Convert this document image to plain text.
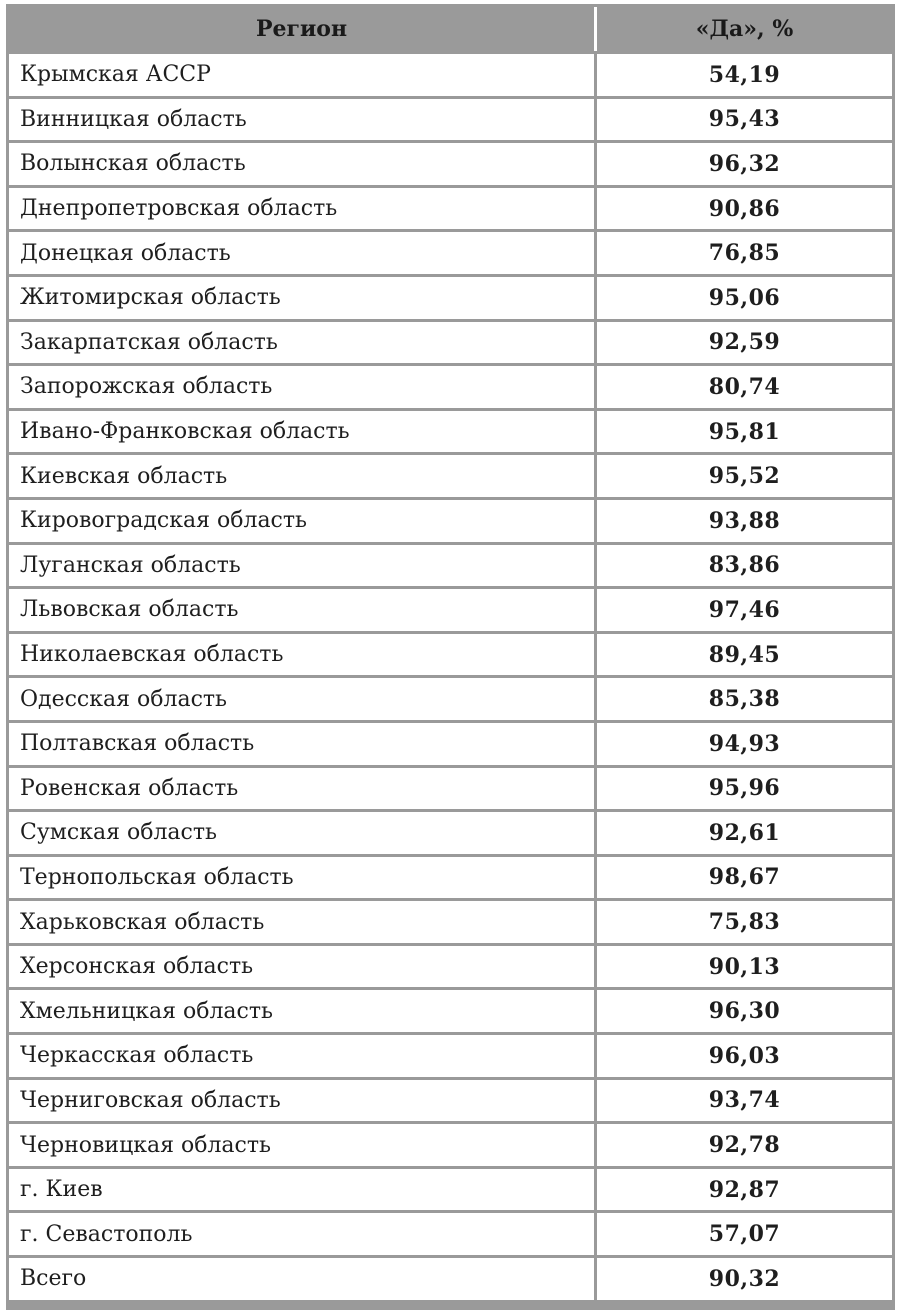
Регион	«Да», %
Крымская АССР	54,19
Винницкая область	95,43
Волынская область	96,32
Днепропетровская область	90,86
Донецкая область	76,85
Житомирская область	95,06
Закарпатская область	92,59
Запорожская область	80,74
Ивано-Франковская область	95,81
Киевская область	95,52
Кировоградская область	93,88
Луганская область	83,86
Львовская область	97,46
Николаевская область	89,45
Одесская область	85,38
Полтавская область	94,93
Ровенская область	95,96
Сумская область	92,61
Тернопольская область	98,67
Харьковская область	75,83
Херсонская область	90,13
Хмельницкая область	96,30
Черкасская область	96,03
Черниговская область	93,74
Черновицкая область	92,78
г. Киев	92,87
г. Севастополь	57,07
Всего	90,32
